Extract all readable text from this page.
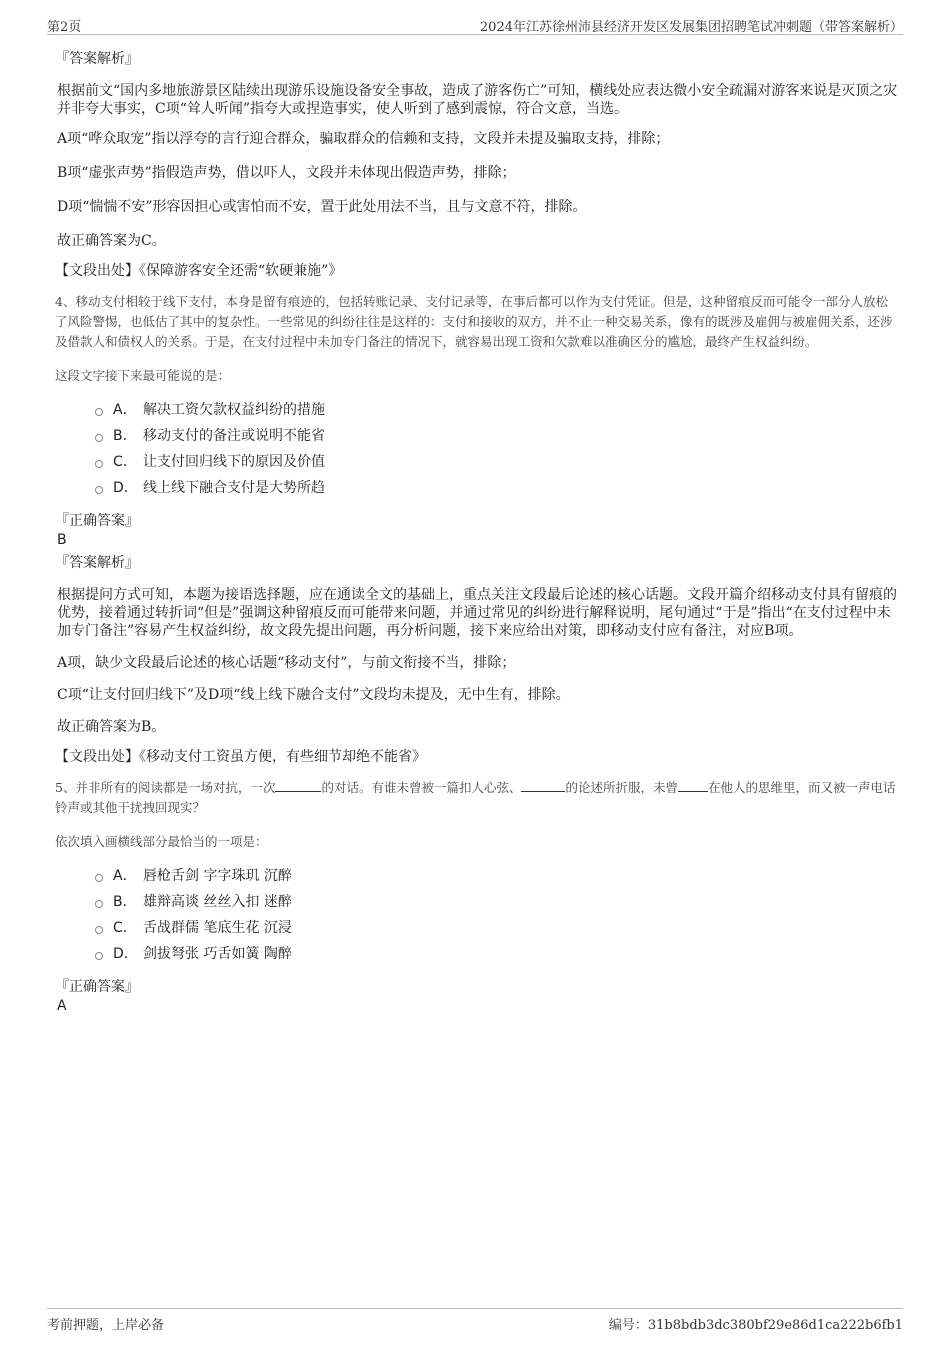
第2页	2024年江苏徐州沛县经济开发区发展集团招聘笔试冲刺题（带答案解析）
『答案解析』
根据前文“国内多地旅游景区陆续出现游乐设施设备安全事故，造成了游客伤亡”可知，横线处应表达微小安全疏漏对游客来说是灭顶之灾并非夸大事实，C项“耸人听闻”指夸大或捏造事实，使人听到了感到震惊，符合文意，当选。
A项“哗众取宠”指以浮夸的言行迎合群众，骗取群众的信赖和支持，文段并未提及骗取支持，排除；
B项“虚张声势”指假造声势，借以吓人，文段并未体现出假造声势，排除；
D项“惴惴不安”形容因担心或害怕而不安，置于此处用法不当，且与文意不符，排除。
故正确答案为C。
【文段出处】《保障游客安全还需“软硬兼施”》
4、移动支付相较于线下支付，本身是留有痕迹的，包括转账记录、支付记录等，在事后都可以作为支付凭证。但是，这种留痕反而可能令一部分人放松了风险警惕，也低估了其中的复杂性。一些常见的纠纷往往是这样的：支付和接收的双方，并不止一种交易关系，像有的既涉及雇佣与被雇佣关系，还涉及借款人和债权人的关系。于是，在支付过程中未加专门备注的情况下，就容易出现工资和欠款难以准确区分的尴尬，最终产生权益纠纷。
这段文字接下来最可能说的是：
A． 解决工资欠款权益纠纷的措施
B． 移动支付的备注或说明不能省
C． 让支付回归线下的原因及价值
D． 线上线下融合支付是大势所趋
『正确答案』
B
『答案解析』
根据提问方式可知，本题为接语选择题，应在通读全文的基础上，重点关注文段最后论述的核心话题。文段开篇介绍移动支付具有留痕的优势，接着通过转折词“但是”强调这种留痕反而可能带来问题，并通过常见的纠纷进行解释说明，尾句通过“于是”指出“在支付过程中未加专门备注”容易产生权益纠纷，故文段先提出问题，再分析问题，接下来应给出对策，即移动支付应有备注，对应B项。
A项，缺少文段最后论述的核心话题“移动支付”，与前文衔接不当，排除；
C项“让支付回归线下”及D项“线上线下融合支付”文段均未提及，无中生有，排除。
故正确答案为B。
【文段出处】《移动支付工资虽方便，有些细节却绝不能省》
5、并非所有的阅读都是一场对抗，一次	的对话。有谁未曾被一篇扣人心弦、	的论述所折服，未曾 在他人的思维里，而又被一声电话铃声或其他干扰拽回现实？
依次填入画横线部分最恰当的一项是：
A． 唇枪舌剑 字字珠玑 沉醉
B． 雄辩高谈 丝丝入扣 迷醉
C． 舌战群儒 笔底生花 沉浸
D． 剑拔弩张 巧舌如簧 陶醉
『正确答案』
A
考前押题，上岸必备	编号：31b8bdb3dc380bf29e86d1ca222b6fb1
